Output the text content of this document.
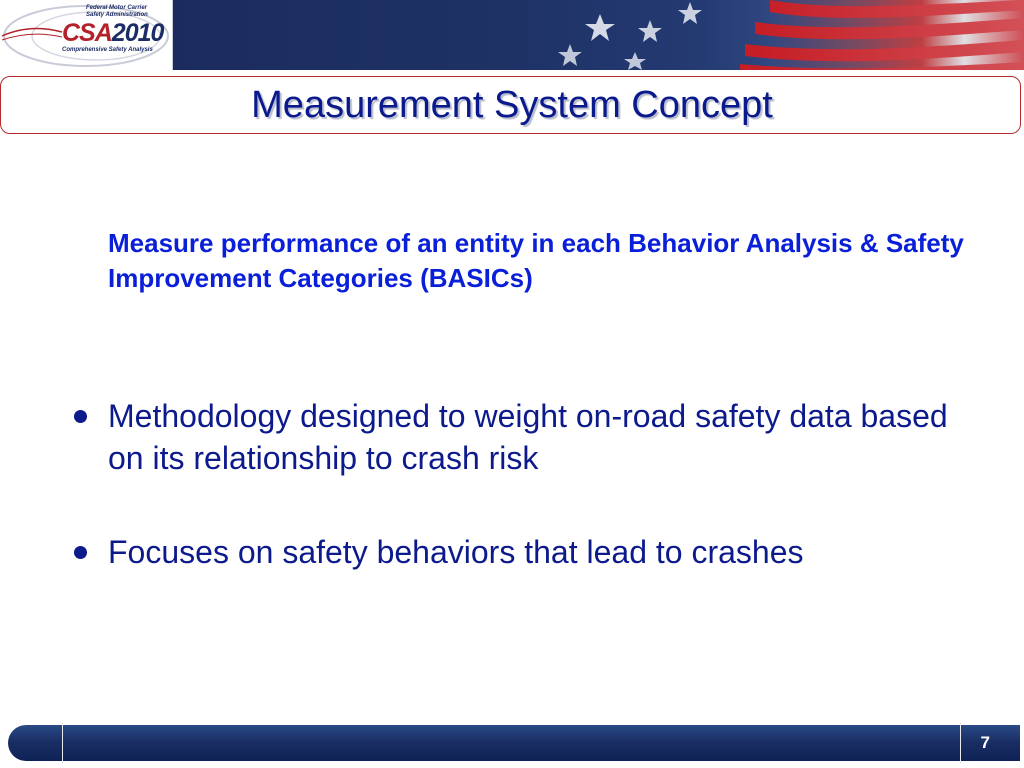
Federal Motor Carrier Safety Administration
CSA2010
Comprehensive Safety Analysis
Measurement System Concept
Measure performance of an entity in each Behavior Analysis & Safety Improvement Categories (BASICs)
Methodology designed to weight on-road safety data based on its relationship to crash risk
Focuses on safety behaviors that lead to crashes
7
